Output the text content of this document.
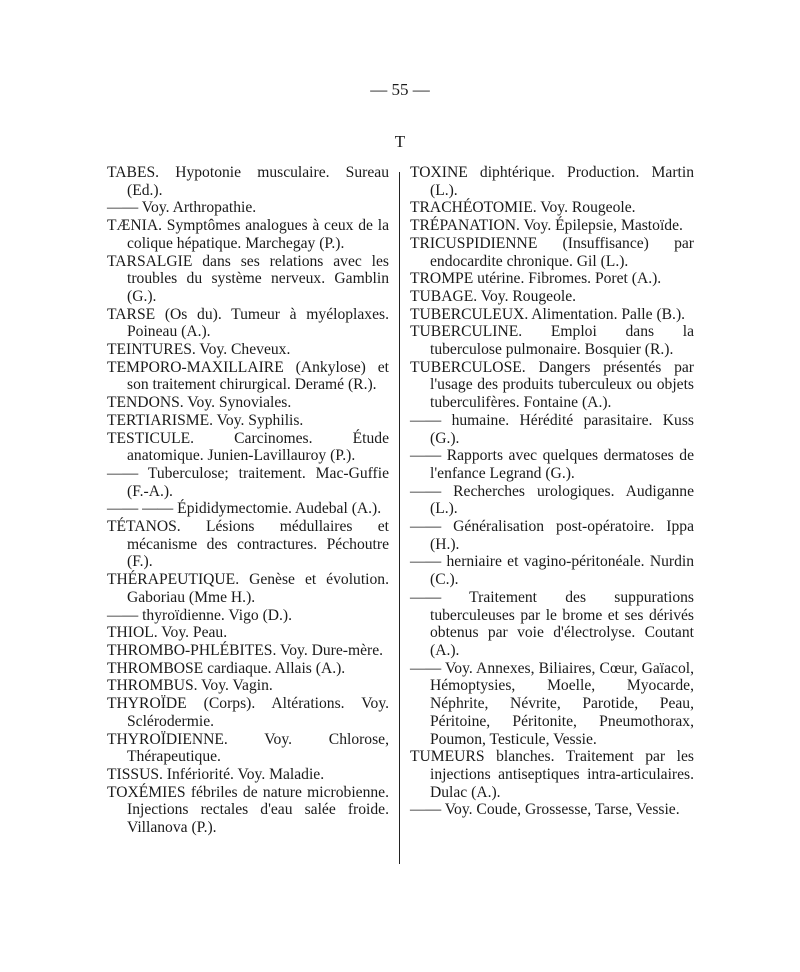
— 55 —
T

TABES. Hypotonie musculaire. Sureau (Ed.).

—— Voy. Arthropathie.

TÆNIA. Symptômes analogues à ceux de la colique hépatique. Marchegay (P.).

TARSALGIE dans ses relations avec les troubles du système nerveux. Gamblin (G.).

TARSE (Os du). Tumeur à myéloplaxes. Poineau (A.).

TEINTURES. Voy. Cheveux.

TEMPORO-MAXILLAIRE (Ankylose) et son traitement chirurgical. Deramé (R.).

TENDONS. Voy. Synoviales.

TERTIARISME. Voy. Syphilis.

TESTICULE. Carcinomes. Étude anatomique. Junien-Lavillauroy (P.).

—— Tuberculose; traitement. Mac-Guffie (F.-A.).

—— —— Épididymectomie. Audebal (A.).

TÉTANOS. Lésions médullaires et mécanisme des contractures. Péchoutre (F.).

THÉRAPEUTIQUE. Genèse et évolution. Gaboriau (Mme H.).

—— thyroïdienne. Vigo (D.).

THIOL. Voy. Peau.

THROMBO-PHLÉBITES. Voy. Dure-mère.

THROMBOSE cardiaque. Allais (A.).

THROMBUS. Voy. Vagin.

THYROÏDE (Corps). Altérations. Voy. Sclérodermie.

THYROÏDIENNE. Voy. Chlorose, Thérapeutique.

TISSUS. Infériorité. Voy. Maladie.

TOXÉMIES fébriles de nature microbienne. Injections rectales d'eau salée froide. Villanova (P.).

TOXINE diphtérique. Production. Martin (L.).

TRACHÉOTOMIE. Voy. Rougeole.

TRÉPANATION. Voy. Épilepsie, Mastoïde.

TRICUSPIDIENNE (Insuffisance) par endocardite chronique. Gil (L.).

TROMPE utérine. Fibromes. Poret (A.).

TUBAGE. Voy. Rougeole.

TUBERCULEUX. Alimentation. Palle (B.).

TUBERCULINE. Emploi dans la tuberculose pulmonaire. Bosquier (R.).

TUBERCULOSE. Dangers présentés par l'usage des produits tuberculeux ou objets tuberculifères. Fontaine (A.).

—— humaine. Hérédité parasitaire. Kuss (G.).

—— Rapports avec quelques dermatoses de l'enfance Legrand (G.).

—— Recherches urologiques. Audiganne (L.).

—— Généralisation post-opératoire. Ippa (H.).

—— herniaire et vagino-péritonéale. Nurdin (C.).

—— Traitement des suppurations tuberculeuses par le brome et ses dérivés obtenus par voie d'électrolyse. Coutant (A.).

—— Voy. Annexes, Biliaires, Cœur, Gaïacol, Hémoptysies, Moelle, Myocarde, Néphrite, Névrite, Parotide, Peau, Péritoine, Péritonite, Pneumothorax, Poumon, Testicule, Vessie.

TUMEURS blanches. Traitement par les injections antiseptiques intra-articulaires. Dulac (A.).

—— Voy. Coude, Grossesse, Tarse, Vessie.
